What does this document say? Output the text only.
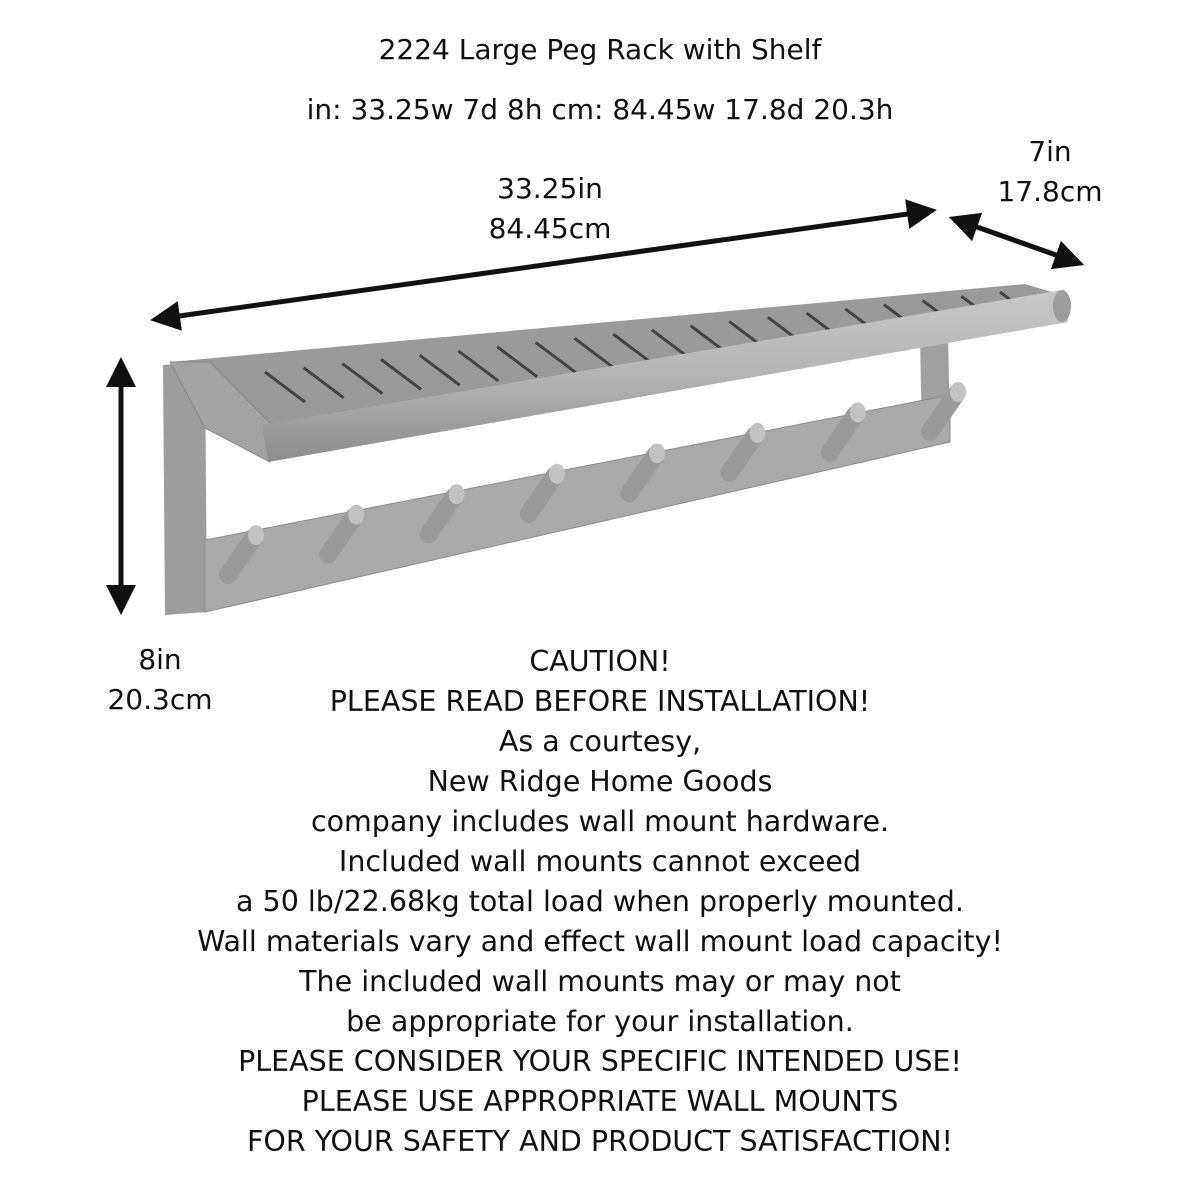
2224 Large Peg Rack with Shelf
in: 33.25w 7d 8h cm: 84.45w 17.8d 20.3h
33.25in
84.45cm
7in
17.8cm
8in
20.3cm
CAUTION!
PLEASE READ BEFORE INSTALLATION!
As a courtesy,
New Ridge Home Goods
company includes wall mount hardware.
Included wall mounts cannot exceed
a 50 lb/22.68kg total load when properly mounted.
Wall materials vary and effect wall mount load capacity!
The included wall mounts may or may not
be appropriate for your installation.
PLEASE CONSIDER YOUR SPECIFIC INTENDED USE!
PLEASE USE APPROPRIATE WALL MOUNTS
FOR YOUR SAFETY AND PRODUCT SATISFACTION!
